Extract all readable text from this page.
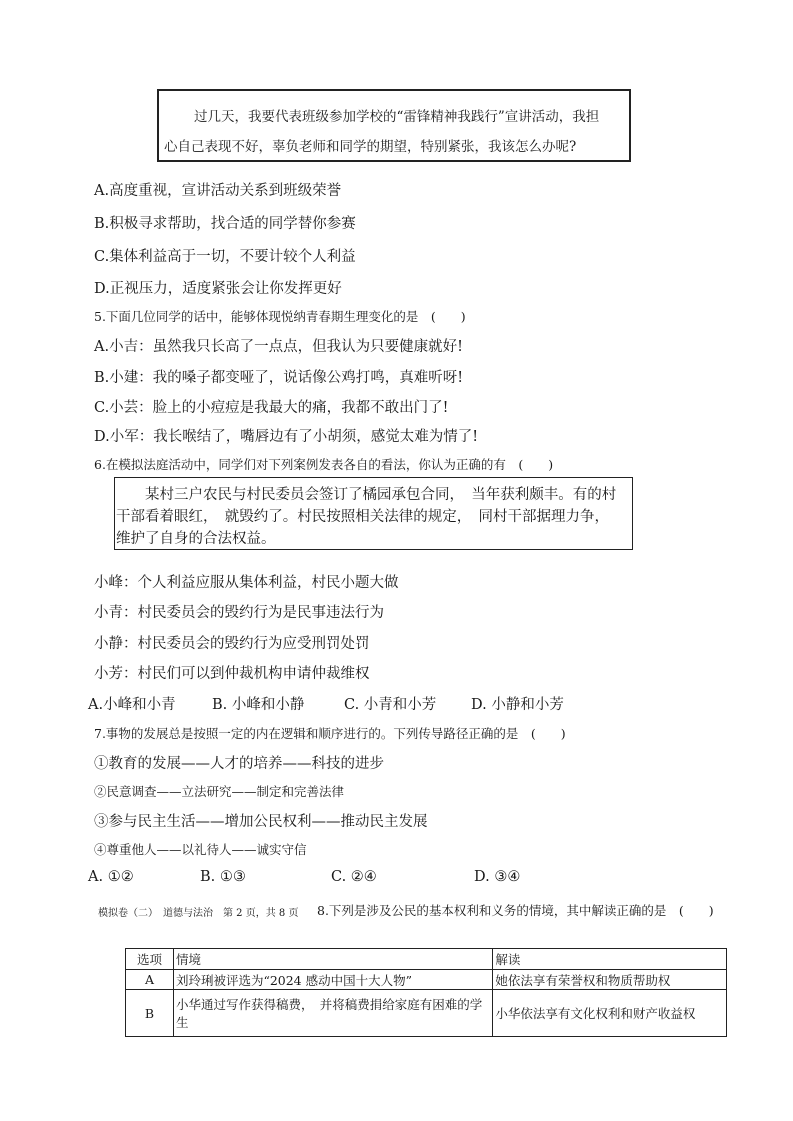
过几天，我要代表班级参加学校的“雷锋精神我践行”宣讲活动，我担
心自己表现不好，辜负老师和同学的期望，特别紧张，我该怎么办呢?
A.高度重视，宣讲活动关系到班级荣誉
B.积极寻求帮助，找合适的同学替你参赛
C.集体利益高于一切，不要计较个人利益
D.正视压力，适度紧张会让你发挥更好
5.下面几位同学的话中，能够体现悦纳青春期生理变化的是　(　　)
A.小吉：虽然我只长高了一点点，但我认为只要健康就好!
B.小建：我的嗓子都变哑了，说话像公鸡打鸣，真难听呀!
C.小芸：脸上的小痘痘是我最大的痛，我都不敢出门了!
D.小军：我长喉结了，嘴唇边有了小胡须，感觉太难为情了!
6.在模拟法庭活动中，同学们对下列案例发表各自的看法，你认为正确的有　(　　)
　　某村三户农民与村民委员会签订了橘园承包合同，　当年获利颇丰。有的村
干部看着眼红，　就毁约了。村民按照相关法律的规定，　同村干部据理力争，
维护了自身的合法权益。
小峰：个人利益应服从集体利益，村民小题大做
小青：村民委员会的毁约行为是民事违法行为
小静：村民委员会的毁约行为应受刑罚处罚
小芳：村民们可以到仲裁机构申请仲裁维权
A.小峰和小青	B. 小峰和小静	C. 小青和小芳 D. 小静和小芳
7.事物的发展总是按照一定的内在逻辑和顺序进行的。下列传导路径正确的是　(　　)
①教育的发展——人才的培养——科技的进步
②民意调查——立法研究——制定和完善法律
③参与民主生活——增加公民权利——推动民主发展
④尊重他人——以礼待人——诚实守信
A. ①②	B. ①③	C. ②④	D. ③④
模拟卷（二）　道德与法治　第 2 页，共 8 页 8.下列是涉及公民的基本权利和义务的情境，其中解读正确的是　(　　)
选项	情境	解读
A	刘玲琍被评选为“2024 感动中国十大人物”	她依法享有荣誉权和物质帮助权
B	小华通过写作获得稿费，　并将稿费捐给家庭有困难的学生	小华依法享有文化权利和财产收益权
